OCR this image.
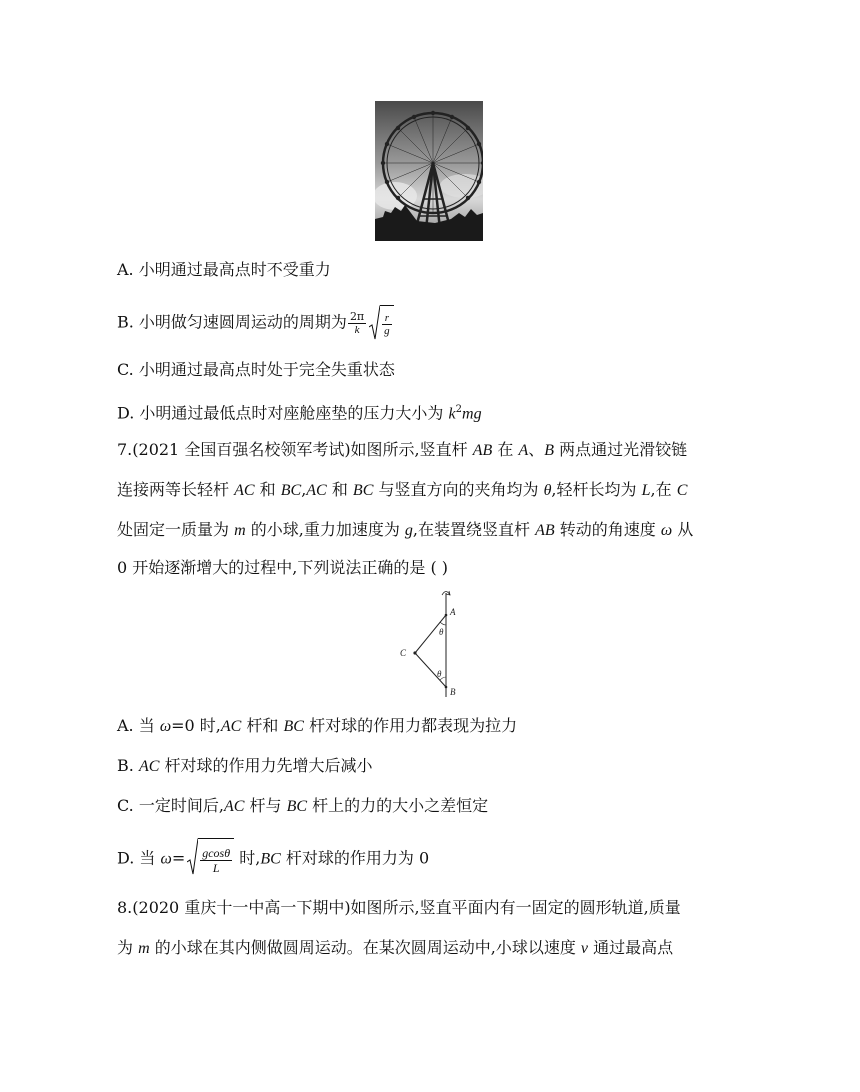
A. 小明通过最高点时不受重力
B. 小明做匀速圆周运动的周期为 $\frac{2\pi}{k} \frac{r}{g}$
C. 小明通过最高点时处于完全失重状态
D. 小明通过最低点时对座舱座垫的压力大小为 $k^2mg$
7.(2021 全国百强名校领军考试)如图所示,竖直杆 AB 在 A、B 两点通过光滑铰链
连接两等长轻杆 AC 和 BC,AC 和 BC 与竖直方向的夹角均为 θ,轻杆长均为 L,在 C
处固定一质量为 m 的小球,重力加速度为 g,在装置绕竖直杆 AB 转动的角速度 ω 从
0 开始逐渐增大的过程中,下列说法正确的是 ( )
A
B
C
θ
θ
A. 当 ω=0 时,AC 杆和 BC 杆对球的作用力都表现为拉力
B. AC 杆对球的作用力先增大后减小
C. 一定时间后,AC 杆与 BC 杆上的力的大小之差恒定
D. 当 $\omega= \frac{gcos\theta}{L}$ 时,BC 杆对球的作用力为 0
8.(2020 重庆十一中高一下期中)如图所示,竖直平面内有一固定的圆形轨道,质量
为 m 的小球在其内侧做圆周运动。在某次圆周运动中,小球以速度 v 通过最高点
